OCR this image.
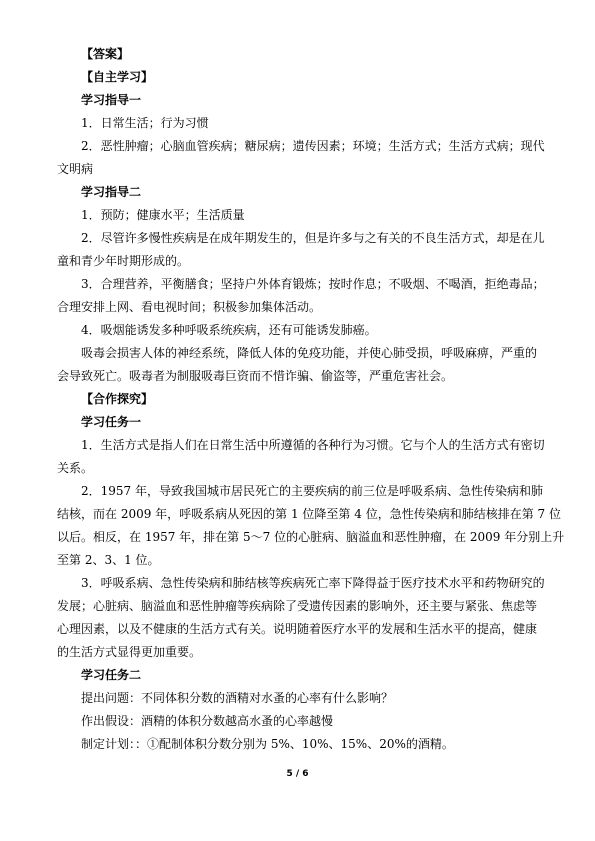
【答案】
【自主学习】
学习指导一
1．日常生活；行为习惯
2．恶性肿瘤；心脑血管疾病；糖尿病；遗传因素；环境；生活方式；生活方式病；现代
文明病
学习指导二
1．预防；健康水平；生活质量
2．尽管许多慢性疾病是在成年期发生的，但是许多与之有关的不良生活方式，却是在儿
童和青少年时期形成的。
3．合理营养，平衡膳食；坚持户外体育锻炼；按时作息；不吸烟、不喝酒，拒绝毒品；
合理安排上网、看电视时间；积极参加集体活动。
4．吸烟能诱发多种呼吸系统疾病，还有可能诱发肺癌。
吸毒会损害人体的神经系统，降低人体的免疫功能，并使心肺受损，呼吸麻痹，严重的
会导致死亡。吸毒者为制服吸毒巨资而不惜诈骗、偷盗等，严重危害社会。
【合作探究】
学习任务一
1．生活方式是指人们在日常生活中所遵循的各种行为习惯。它与个人的生活方式有密切
关系。
2．1957 年，导致我国城市居民死亡的主要疾病的前三位是呼吸系病、急性传染病和肺
结核，而在 2009 年，呼吸系病从死因的第 1 位降至第 4 位，急性传染病和肺结核排在第 7 位
以后。相反，在 1957 年，排在第 5～7 位的心脏病、脑溢血和恶性肿瘤，在 2009 年分别上升
至第 2、3、1 位。
3．呼吸系病、急性传染病和肺结核等疾病死亡率下降得益于医疗技术水平和药物研究的
发展；心脏病、脑溢血和恶性肿瘤等疾病除了受遗传因素的影响外，还主要与紧张、焦虑等
心理因素，以及不健康的生活方式有关。说明随着医疗水平的发展和生活水平的提高，健康
的生活方式显得更加重要。
学习任务二
提出问题：不同体积分数的酒精对水蚤的心率有什么影响？
作出假设：酒精的体积分数越高水蚤的心率越慢
制定计划：：①配制体积分数分别为 5%、10%、15%、20%的酒精。
5 / 6
